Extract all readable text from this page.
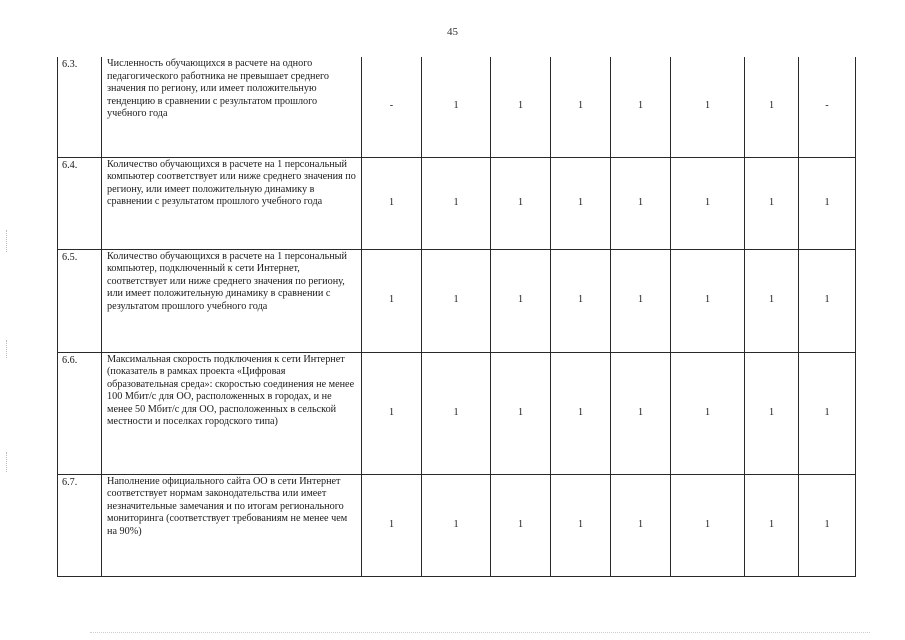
45
6.3.	Численность обучающихся в расчете на одного педагогического работника не превышает среднего значения по региону, или имеет положительную тенденцию в сравнении с результатом прошлого учебного года	-	1	1	1	1	1	1	-
6.4.	Количество обучающихся в расчете на 1 персональный компьютер соответствует или ниже среднего значения по региону, или имеет положительную динамику в сравнении с результатом прошлого учебного года	1	1	1	1	1	1	1	1
6.5.	Количество обучающихся в расчете на 1 персональный компьютер, подключенный к сети Интернет, соответствует или ниже среднего значения по региону, или имеет положительную динамику в сравнении с результатом прошлого учебного года	1	1	1	1	1	1	1	1
6.6.	Максимальная скорость подключения к сети Интернет (показатель в рамках проекта «Цифровая образовательная среда»: скоростью соединения не менее 100 Мбит/с для ОО, расположенных в городах, и не менее 50 Мбит/с для ОО, расположенных в сельской местности и поселках городского типа)	1	1	1	1	1	1	1	1
6.7.	Наполнение официального сайта ОО в сети Интернет соответствует нормам законодательства или имеет незначительные замечания и по итогам регионального мониторинга (соответствует требованиям не менее чем на 90%)	1	1	1	1	1	1	1	1
